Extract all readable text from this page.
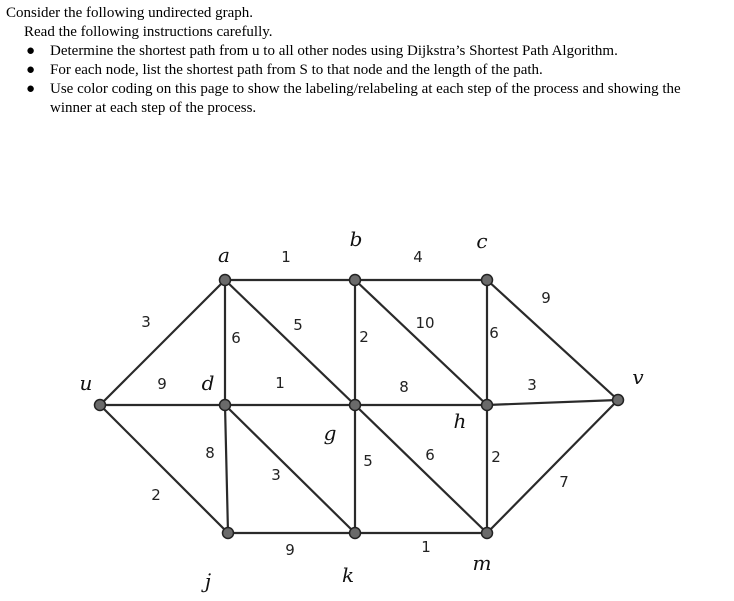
Consider the following undirected graph.
Read the following instructions carefully.
● Determine the shortest path from u to all other nodes using Dijkstra’s Shortest Path Algorithm.
● For each node, list the shortest path from S to that node and the length of the path.
● Use color coding on this page to show the labeling/relabeling at each step of the process and showing the winner at each step of the process.
3
9
2
1
6
5
4
2
10
6
9
1	8	3
8
3
5	6	2
7
9	1
u
a
b	c
d
g	h
v
j	k	m
